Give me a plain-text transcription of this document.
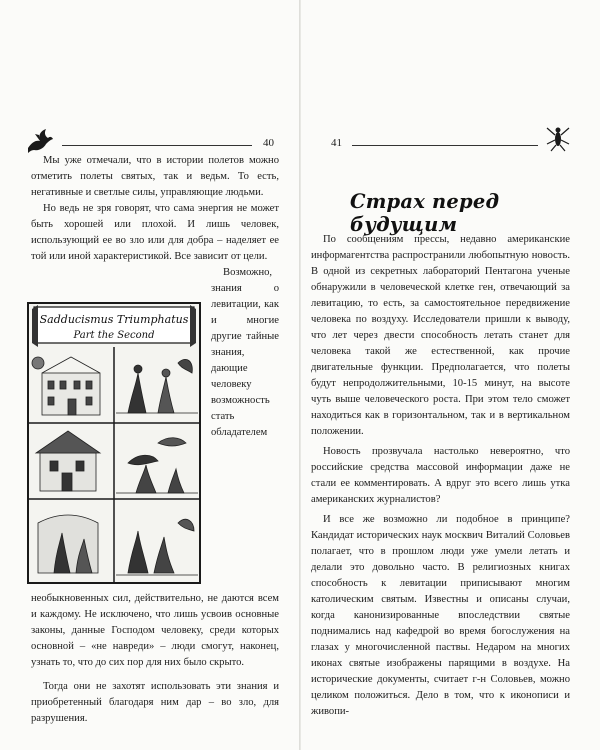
40

Мы уже отмечали, что в истории полетов можно отметить полеты святых, так и ведьм. То есть, негативные и светлые силы, управляющие людьми.

Но ведь не зря говорят, что сама энергия не может быть хорошей или плохой. И лишь человек, использующий ее во зло или для добра – наделяет ее той или иной характеристикой. Все зависит от цели.

Возможно, знания о левитации, как и многие другие тайные знания, дающие человеку возможность стать обладателем необыкновенных сил, действительно, не даются всем и каждому. Не исключено, что лишь усвоив основные законы, данные Господом человеку, среди которых основной – «не навреди» – люди смогут, наконец, узнать то, что до сих пор для них было скрыто.

Тогда они не захотят использовать эти знания и приобретенный благодаря ним дар – во зло, для разрушения.

Sadducismus Triumphatus
Part the Second
41
Страх перед будущим

По сообщениям прессы, недавно американские информагентства распространили любопытную новость. В одной из секретных лабораторий Пентагона ученые обнаружили в человеческой клетке ген, отвечающий за левитацию, то есть, за самостоятельное передвижение человека по воздуху. Исследователи пришли к выводу, что лет через двести способность летать станет для человека такой же естественной, как прочие двигательные функции. Предполагается, что полеты будут непродолжительными, 10-15 минут, на высоте чуть выше человеческого роста. При этом тело сможет находиться как в горизонтальном, так и в вертикальном положении.

Новость прозвучала настолько невероятно, что российские средства массовой информации даже не стали ее комментировать. А вдруг это всего лишь утка американских журналистов?

И все же возможно ли подобное в принципе? Кандидат исторических наук москвич Виталий Соловьев полагает, что в прошлом люди уже умели летать и делали это довольно часто. В религиозных книгах способность к левитации приписывают многим католическим святым. Известны и описаны случаи, когда канонизированные впоследствии святые поднимались над кафедрой во время богослужения на глазах у многочисленной паствы. Недаром на многих иконах святые изображены парящими в воздухе. На исторические документы, считает г-н Соловьев, можно целиком положиться. Дело в том, что к иконописи и живопи-
